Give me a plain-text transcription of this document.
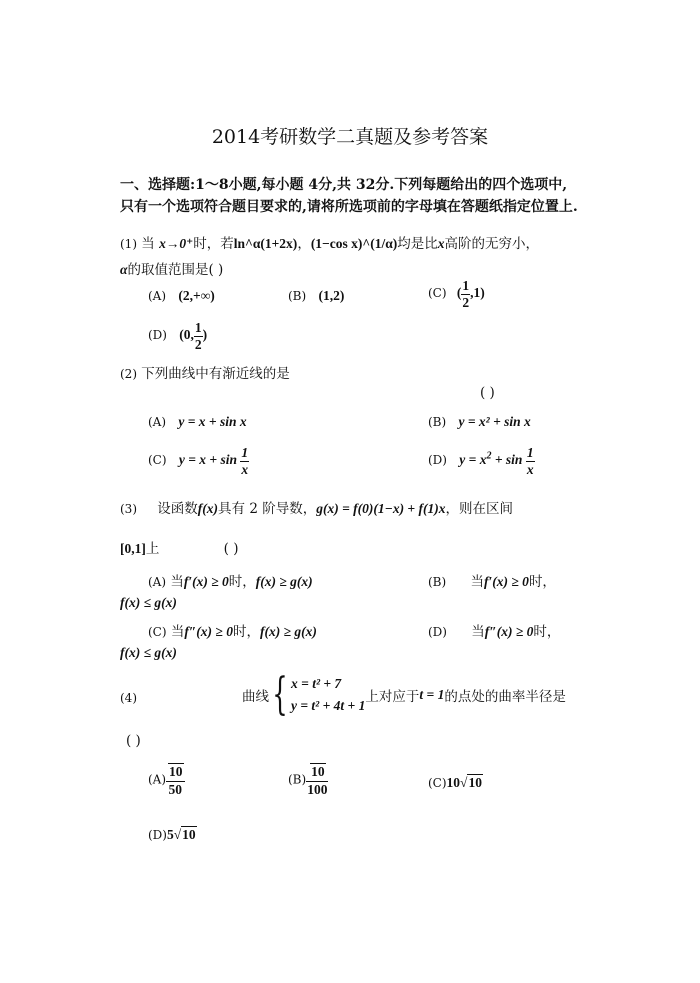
2014考研数学二真题及参考答案
一、选择题:1～8小题,每小题 4分,共 32分.下列每题给出的四个选项中,
只有一个选项符合题目要求的,请将所选项前的字母填在答题纸指定位置上.
(1) 当 x→0⁺时，若ln^α(1+2x)，(1−cos x)^(1/α)均是比x高阶的无穷小，
α的取值范围是( )
(A) (2,+∞)	(B) (1,2)	(C) ( $\frac{1}{2} ,1$)
(D) (0, $\frac{1}{2}$ )
(2) 下列曲线中有渐近线的是
( )
(A) y = x + sin x	(B) y = x² + sin x
(C) $y = x + \sin \frac{1}{x}$	(D) $y = x^2 + \sin \frac{1}{x}$
(3) 设函数f(x)具有 2 阶导数，g(x) = f(0)(1−x) + f(1)x，则在区间
[0,1]上	( )
(A) 当f′(x) ≥ 0时，f(x) ≥ g(x)	(B) 当f′(x) ≥ 0时，
f(x) ≤ g(x)
(C) 当f″(x) ≥ 0时，f(x) ≥ g(x)	(D) 当f″(x) ≥ 0时，
f(x) ≤ g(x)
(4)	曲线{ x = t² + 7
y = t² + 4t + 1
上对应于t = 1的点处的曲率半径是
( )
$(A) \frac{10}{50}$	$(B) \frac{10}{100}$	(C)10√10
(D)5√10
